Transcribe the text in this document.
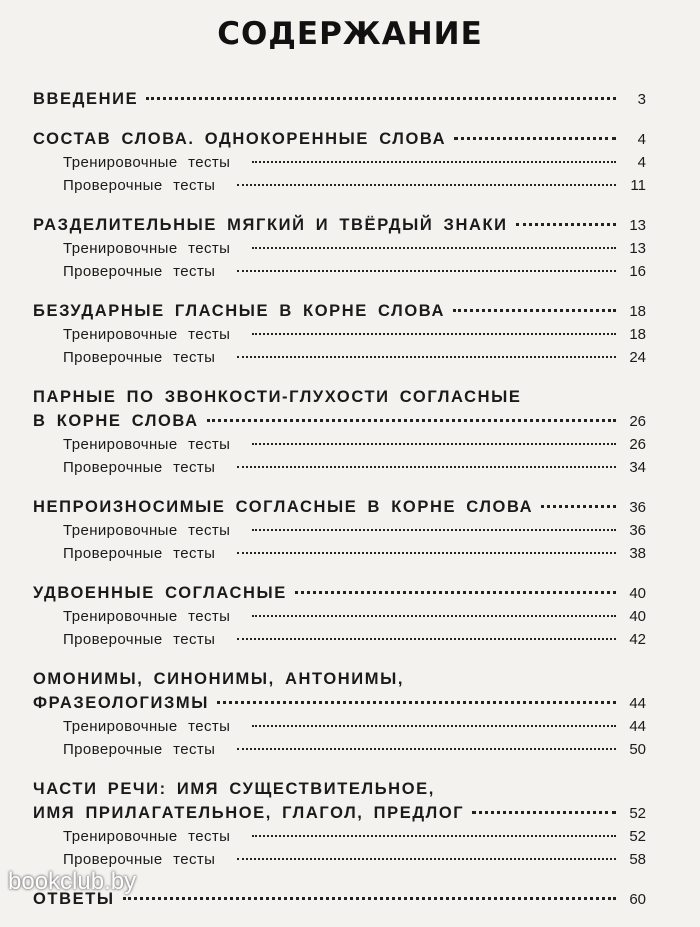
СОДЕРЖАНИЕ
ВВЕДЕНИЕ	3
СОСТАВ СЛОВА. ОДНОКОРЕННЫЕ СЛОВА	4
Тренировочные тесты	4
Проверочные тесты	11
РАЗДЕЛИТЕЛЬНЫЕ МЯГКИЙ И ТВЁРДЫЙ ЗНАКИ	13
Тренировочные тесты	13
Проверочные тесты	16
БЕЗУДАРНЫЕ ГЛАСНЫЕ В КОРНЕ СЛОВА	18
Тренировочные тесты	18
Проверочные тесты	24
ПАРНЫЕ ПО ЗВОНКОСТИ-ГЛУХОСТИ СОГЛАСНЫЕ
В КОРНЕ СЛОВА	26
Тренировочные тесты	26
Проверочные тесты	34
НЕПРОИЗНОСИМЫЕ СОГЛАСНЫЕ В КОРНЕ СЛОВА	36
Тренировочные тесты	36
Проверочные тесты	38
УДВОЕННЫЕ СОГЛАСНЫЕ	40
Тренировочные тесты	40
Проверочные тесты	42
ОМОНИМЫ, СИНОНИМЫ, АНТОНИМЫ,
ФРАЗЕОЛОГИЗМЫ	44
Тренировочные тесты	44
Проверочные тесты	50
ЧАСТИ РЕЧИ: ИМЯ СУЩЕСТВИТЕЛЬНОЕ,
ИМЯ ПРИЛАГАТЕЛЬНОЕ, ГЛАГОЛ, ПРЕДЛОГ	52
Тренировочные тесты	52
Проверочные тесты	58
ОТВЕТЫ	60
bookclub.by
